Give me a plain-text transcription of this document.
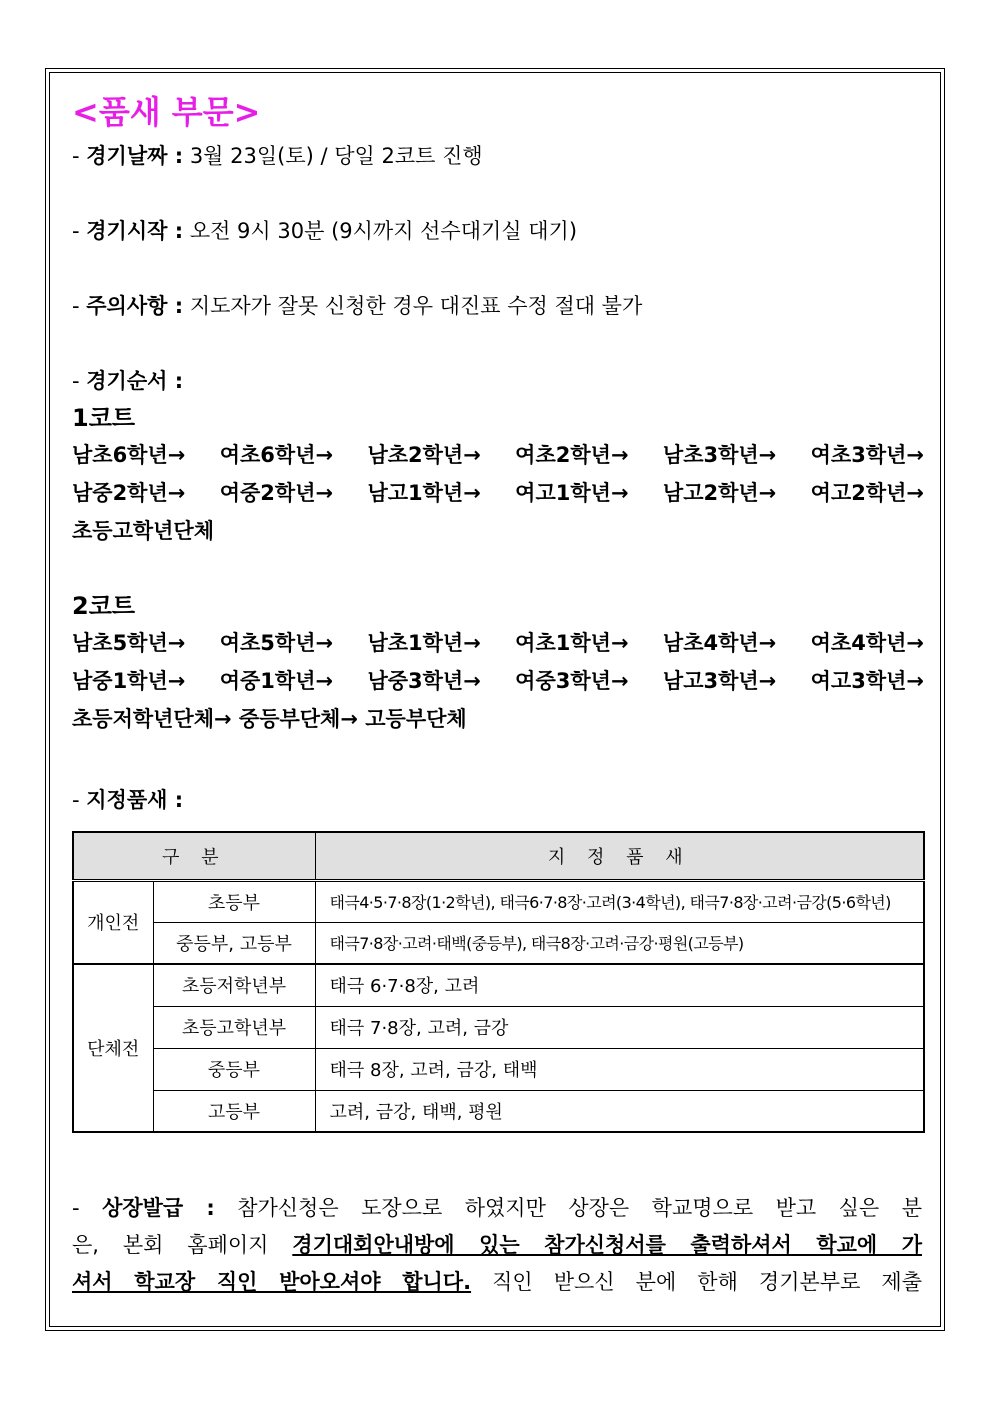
<품새 부문>
- 경기날짜 : 3월 23일(토) / 당일 2코트 진행
- 경기시작 : 오전 9시 30분 (9시까지 선수대기실 대기)
- 주의사항 : 지도자가 잘못 신청한 경우 대진표 수정 절대 불가
- 경기순서 :
1코트
남초6학년→ 여초6학년→ 남초2학년→ 여초2학년→ 남초3학년→ 여초3학년→
남중2학년→ 여중2학년→ 남고1학년→ 여고1학년→ 남고2학년→ 여고2학년→
초등고학년단체
2코트
남초5학년→ 여초5학년→ 남초1학년→ 여초1학년→ 남초4학년→ 여초4학년→
남중1학년→ 여중1학년→ 남중3학년→ 여중3학년→ 남고3학년→ 여고3학년→
초등저학년단체→ 중등부단체→ 고등부단체
- 지정품새 :
구 분		지 정 품 새
개인전	초등부	태극4·5·7·8장(1·2학년), 태극6·7·8장·고려(3·4학년), 태극7·8장·고려·금강(5·6학년)
	중등부, 고등부	태극7·8장·고려·태백(중등부), 태극8장·고려·금강·평원(고등부)
단체전	초등저학년부	태극 6·7·8장, 고려
	초등고학년부	태극 7·8장, 고려, 금강
	중등부	태극 8장, 고려, 금강, 태백
	고등부	고려, 금강, 태백, 평원
- 상장발급 : 참가신청은 도장으로 하였지만 상장은 학교명으로 받고 싶은 분
은, 본회 홈페이지 경기대회안내방에 있는 참가신청서를 출력하셔서 학교에 가
셔서 학교장 직인 받아오셔야 합니다. 직인 받으신 분에 한해 경기본부로 제출
